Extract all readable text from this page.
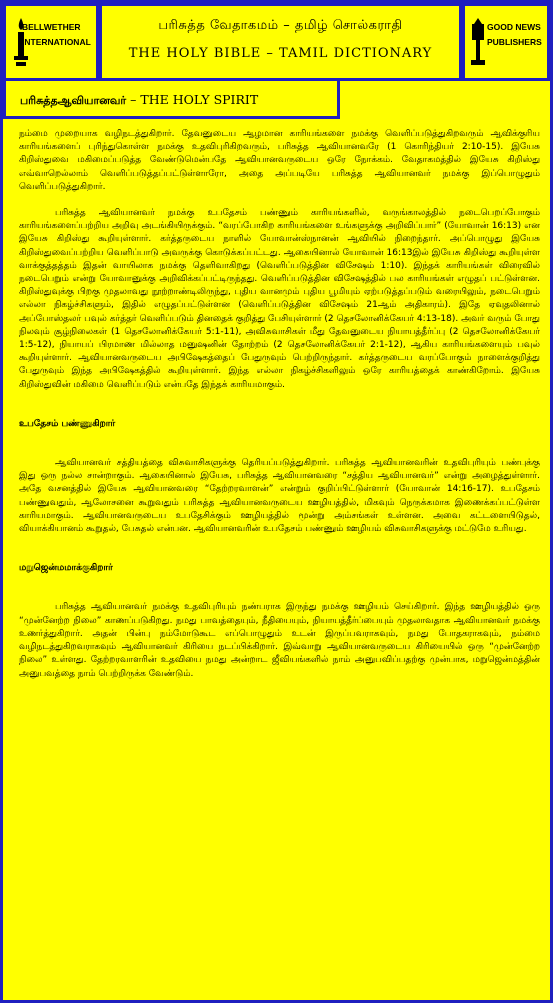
BELLWETHER
INTERNATIONAL
பரிசுத்த வேதாகமம் – தமிழ் சொல்கராதி
THE HOLY BIBLE – TAMIL DICTIONARY
GOOD NEWS
PUBLISHERS
பரிசுத்தஆவியானவர் – THE HOLY SPIRIT

நம்மை முறையாக வழிநடத்துகிறார். தேவனுடைய ஆழமான காரியங்களை நமக்கு வெளிப்படுத்துகிறவரும் ஆவிக்குரிய காரியங்களைப் புரிந்துகொள்ள நமக்கு உதவிபுரிகிறவரும், பரிசுத்த ஆவியானவரே (1 கொரிந்தியர் 2:10-15). இயேசு கிறிஸ்துவை மகிமைப்படுத்த வேண்டுமென்பதே ஆவியானவருடைய ஒரே நோக்கம். வேதாகமத்தில் இயேசு கிறிஸ்து எவ்வாறெல்லாம் வெளிப்படுத்தப்பட்டுள்ளாரோ, அதை அப்படியே பரிசுத்த ஆவியானவர் நமக்கு இப்பொழுதும் வெளிப்படுத்துகிறார்.

பரிசுத்த ஆவியானவர் நமக்கு உபதேசம் பண்ணும் காரியங்களில், வருங்காலத்தில் நடைபெறப்போகும் காரியங்களைப்பற்றிய அறிவு அடங்கியிருக்கும். “வரப்போகிற காரியங்களை உங்களுக்கு அறிவிப்பார்” (யோவான் 16:13) என இயேசு கிறிஸ்து கூறியுள்ளார். கர்த்தருடைய நாளில் யோவான்ஸ்நானன் ஆவியில் நிறைந்தார். அப்பொழுது இயேசு கிறிஸ்துவைப்பற்றிய வெளிப்பாடு அவருக்கு கொடுக்கப்பட்டது. ஆகையினால் யோவான் 16:13இல் இயேசு கிறிஸ்து கூறியுள்ள வாக்குத்தத்தம் இதன் வாயிலாக நமக்கு தெளிவாகிறது (வெளிப்படுத்தின விசேஷம் 1:10). இந்தக் காரியங்கள் விரைவில் நடைபெறும் என்று யோவானுக்கு அறிவிக்கப்பட்டிருந்தது. வெளிப்படுத்தின விசேஷத்தில் பல காரியங்கள் எழுதப் பட்டுள்ளன. கிறிஸ்துவுக்கு பிறகு முதலாவது நூற்றாண்டிலிருந்து, புதிய வானமும் புதிய பூமியும் ஏற்படுத்தப்படும் வரையிலும், நடைபெறும் எல்லா நிகழ்ச்சிகளும், இதில் எழுதப்பட்டுள்ளன (வெளிப்படுத்தின விசேஷம் 21ஆம் அதிகாரம்). இதே ஏவுதலினால் அப்போஸ்தலர் பவுல் கர்த்தர் வெளிப்படும் தினதைக் குறித்து பேசியுள்ளார் (2 தெசலோனிக்கேயர் 4:13-18). அவர் வரும் போது நிலவும் சூழ்நிலைகள் (1 தெசலோனிக்கேயர் 5:1-11), அவிசுவாசிகள் மீது தேவனுடைய நியாயத்தீர்ப்பு (2 தெசலோனிக்கேயர் 1:5-12), நியாயப் பிரமாண மில்லாத மனுஷனின் தோற்றம் (2 தெசலோனிக்கேயர் 2:1-12), ஆகிய காரியங்களையும் பவுல் கூறியுள்ளார். ஆவியானவருடைய அபிஷேகத்தைப் பேதுருவும் பெற்றிருந்தார். கர்த்தருடைய வரப்போகும் நாளைக்குறித்து பேதுருவும் இந்த அபிஷேகத்தில் கூறியுள்ளார். இந்த எல்லா நிகழ்ச்சிகளிலும் ஒரே காரியத்தைக் காண்கிறோம். இயேசு கிறிஸ்துவின் மகிமை வெளிப்படும் என்பதே இந்தக் காரியமாகும்.

உபதேசம் பண்ணுகிறார்

ஆவியானவர் சத்தியத்தை விசுவாசிகளுக்கு தெரியப்படுத்துகிறார். பரிசுத்த ஆவியானவரின் உதவிபுரியும் பண்புக்கு இது ஒரு நல்ல சான்றாகும். ஆகையினால் இயேசு, பரிசுத்த ஆவியானவரை “சத்திய ஆவியானவர்” என்று அழைத்துள்ளார். அதே வசனத்தில் இயேசு ஆவியானவரை “தேற்றரவாளன்” என்றும் குறிப்பிட்டுள்ளார் (யோவான் 14:16-17). உபதேசம் பண்ணுவதும், ஆலோசனை கூறுவதும் பரிசுத்த ஆவியானவருடைய ஊழியத்தில், மிகவும் நெருக்கமாக இணைக்கப்பட்டுள்ள காரியமாகும். ஆவியானவருடைய உபதேசிக்கும் ஊழியத்தில் மூன்று அம்சங்கள் உள்ளன. அவை கட்டளையிடுதல், வியாக்கியானம் கூறுதல், பேசுதல் என்பன. ஆவியானவரின் உபதேசம் பண்ணும் ஊழியம் விசுவாசிகளுக்கு மட்டுமே உரியது.

மறுஜென்மமாக்குகிறார்

பரிசுத்த ஆவியானவர் நமக்கு உதவிபுரியும் நண்பராக இருந்து நமக்கு ஊழியம் செய்கிறார். இந்த ஊழியத்தில் ஒரு “முன்னேற்ற நிலை” காணப்படுகிறது. நமது பாவத்தையும், நீதியையும், நியாயத்தீர்ப்பையும் முதலாவதாக ஆவியானவர் நமக்கு உணர்த்துகிறார். அதன் பின்பு நம்மோடுகூட எப்பொழுதும் உடன் இருப்பவராகவும், நமது போதகராகவும், நம்மை வழிநடத்துகிறவராகவும் ஆவியானவர் கிரியை நடப்பிக்கிறார். இவ்வாறு ஆவியானவருடைய கிரியையில் ஒரு “முன்னேற்ற நிலை” உள்ளது. தேற்றரவாளரின் உதவியை நமது அன்றாட ஜீவியங்களில் நாம் அனுபவிப்பதற்கு முன்பாக, மறுஜென்மத்தின் அனுபவத்தை நாம் பெற்றிருக்க வேண்டும்.
